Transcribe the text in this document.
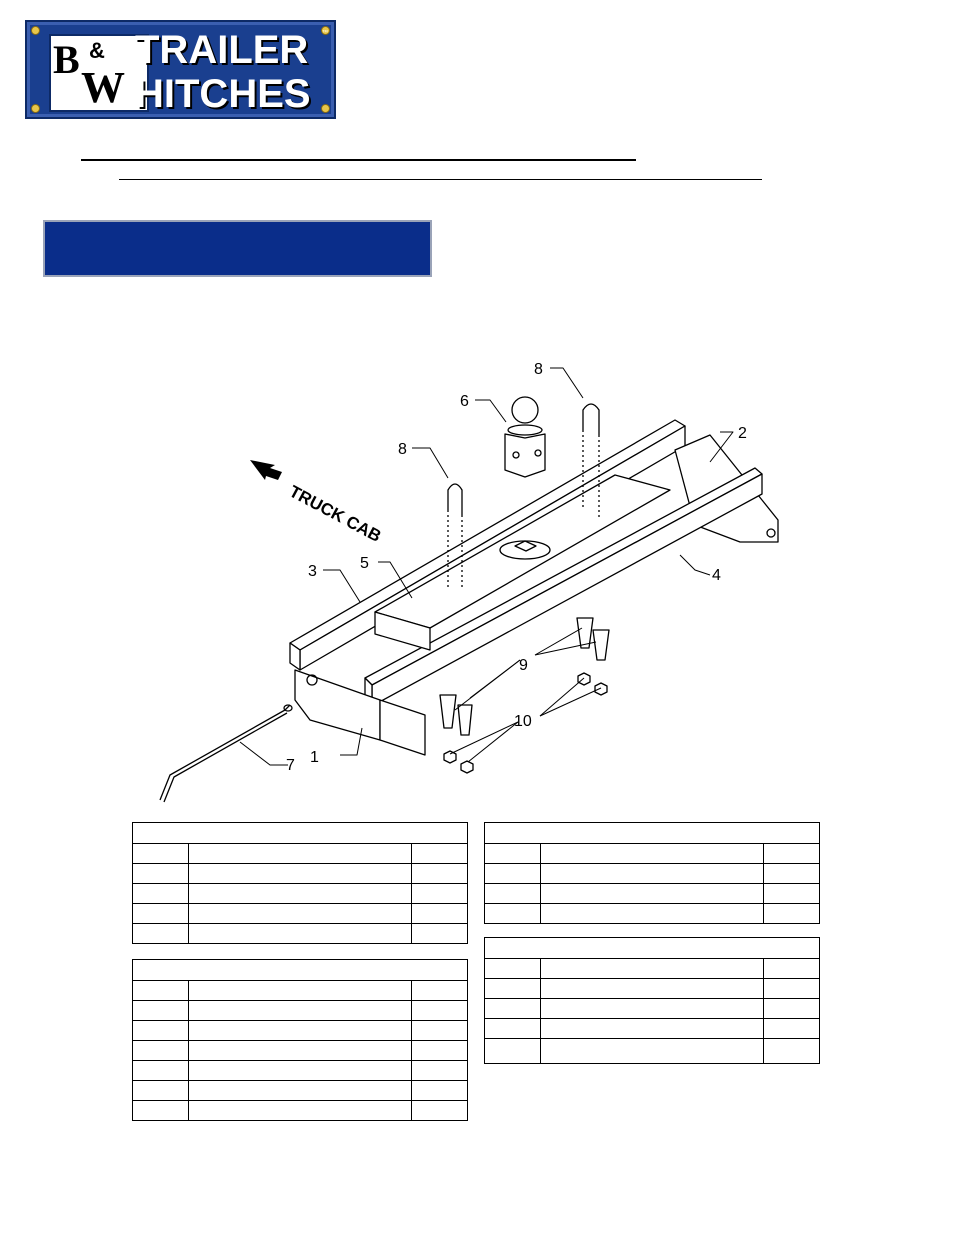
B &
W
TRAILER
HITCHES
™
1
2
3	4
5
6
7
8
8
9
10
TRUCK CAB
